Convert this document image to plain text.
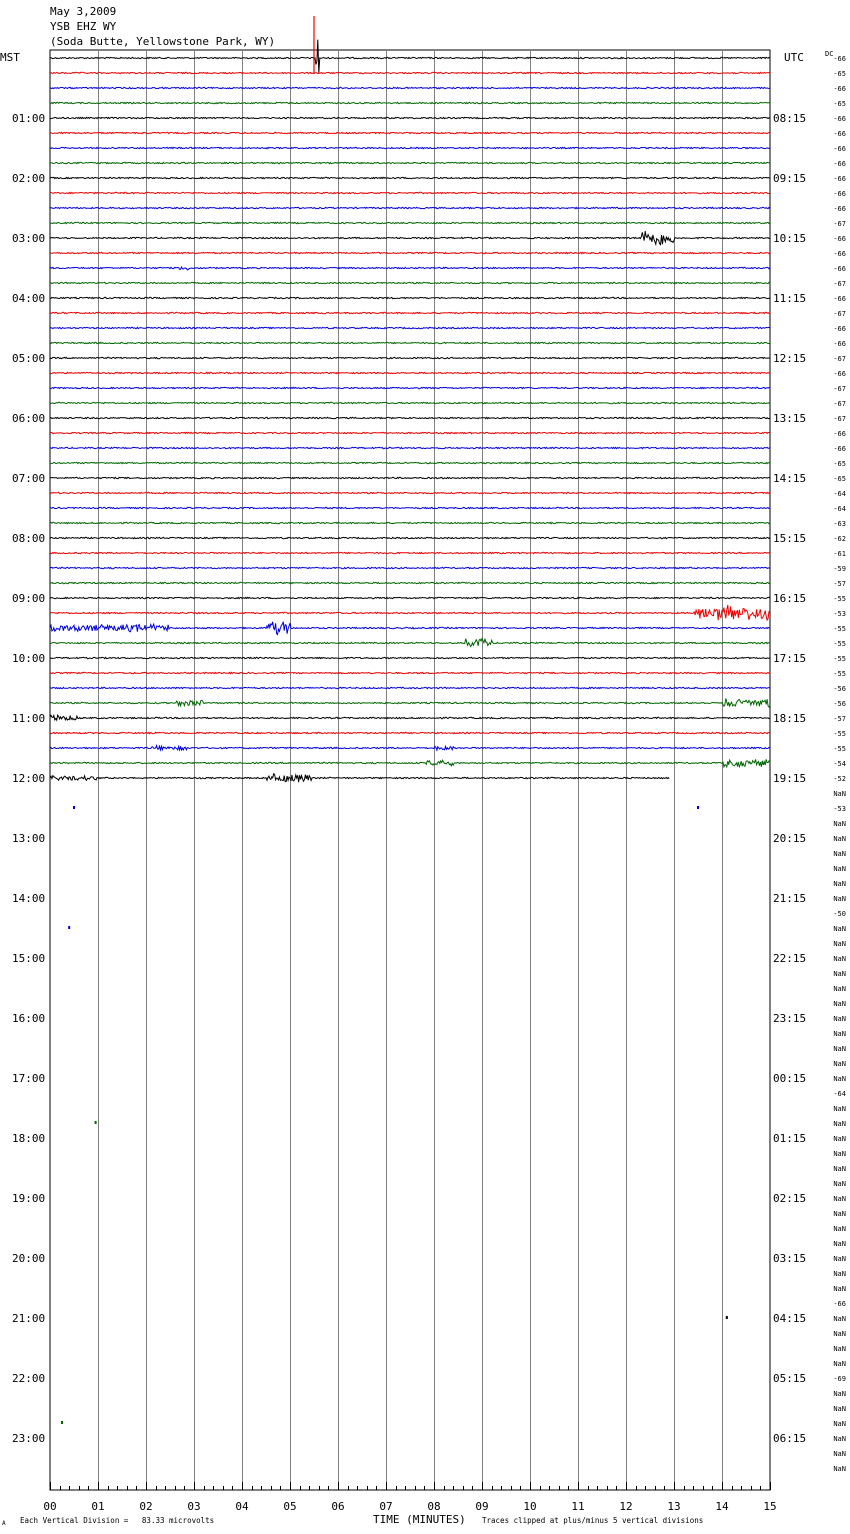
May 3,2009
YSB EHZ WY
(Soda Butte, Yellowstone Park, WY)
01:00
02:00
03:00
04:00
05:00
06:00
07:00
08:00
09:00
10:00
11:00
12:00
13:00
14:00
15:00
16:00
17:00
18:00
19:00
20:00
21:00
22:00
23:00
08:15
09:15
10:15
11:15
12:15
13:15
14:15
15:15
16:15
17:15
18:15
19:15
20:15
21:15
22:15
23:15
00:15
01:15
02:15
03:15
04:15
05:15
06:15
-66
-65
-66
-65
-66
-66
-66
-66
-66
-66
-66
-67
-66
-66
-66
-67
-66
-67
-66
-66
-67
-66
-67
-67
-67
-66
-66
-65
-65
-64
-64
-63
-62
-61
-59
-57
-55
-53
-55
-55
-55
-55
-56
-56
-57
-55
-55
-54
-52
NaN
-53
NaN
NaN
NaN
NaN
NaN
NaN
-50
NaN
NaN
NaN
NaN
NaN
NaN
NaN
NaN
NaN
NaN
NaN
-64
NaN
NaN
NaN
NaN
NaN
NaN
NaN
NaN
NaN
NaN
NaN
NaN
NaN
-66
NaN
NaN
NaN
NaN
-69
NaN
NaN
NaN
NaN
NaN
NaN
00	01	02	03	04	05	06	07	08	09	10	11	12	13	14	15
MST	UTC	DC
TIME (MINUTES)
Each Vertical Division =   83.33 microvolts	Traces clipped at plus/minus 5 vertical divisions
A
